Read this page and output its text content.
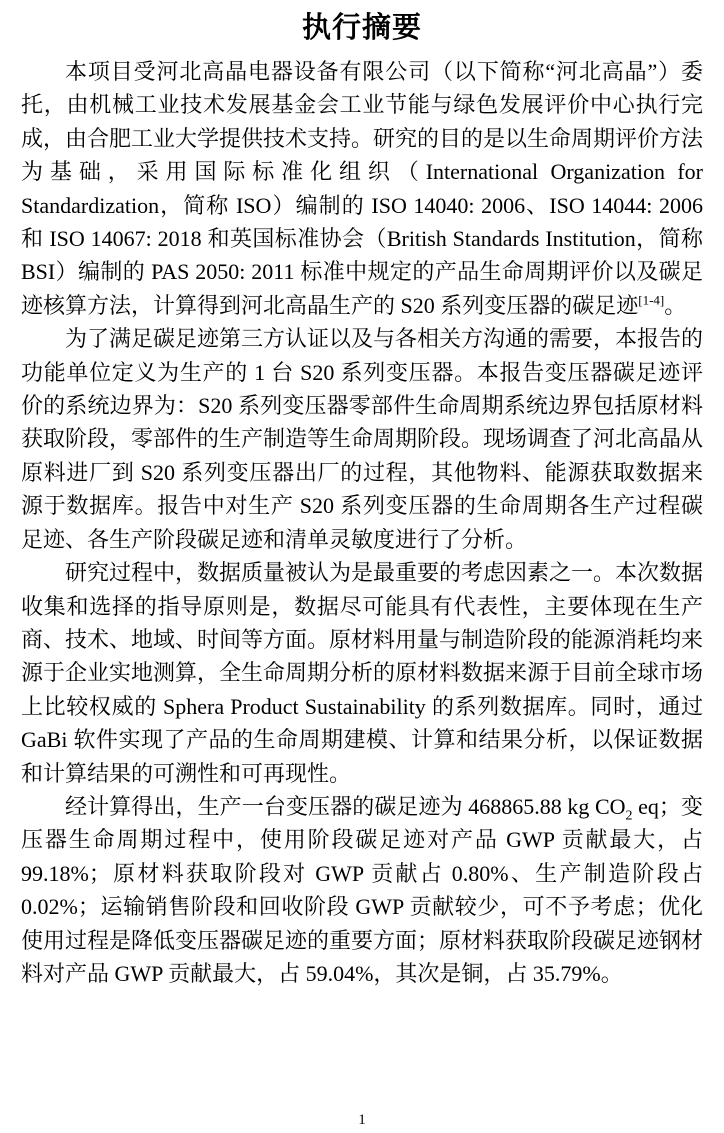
执行摘要

本项目受河北高晶电器设备有限公司（以下简称“河北高晶”）委托，由机械工业技术发展基金会工业节能与绿色发展评价中心执行完成，由合肥工业大学提供技术支持。研究的目的是以生命周期评价方法为基础，采用国际标准化组织（International Organization for Standardization，简称 ISO）编制的 ISO 14040: 2006、ISO 14044: 2006 和 ISO 14067: 2018 和英国标准协会（British Standards Institution，简称 BSI）编制的 PAS 2050: 2011 标准中规定的产品生命周期评价以及碳足迹核算方法，计算得到河北高晶生产的 S20 系列变压器的碳足迹[1-4]。

为了满足碳足迹第三方认证以及与各相关方沟通的需要，本报告的功能单位定义为生产的 1 台 S20 系列变压器。本报告变压器碳足迹评价的系统边界为：S20 系列变压器零部件生命周期系统边界包括原材料获取阶段，零部件的生产制造等生命周期阶段。现场调查了河北高晶从原料进厂到 S20 系列变压器出厂的过程，其他物料、能源获取数据来源于数据库。报告中对生产 S20 系列变压器的生命周期各生产过程碳足迹、各生产阶段碳足迹和清单灵敏度进行了分析。

研究过程中，数据质量被认为是最重要的考虑因素之一。本次数据收集和选择的指导原则是，数据尽可能具有代表性，主要体现在生产商、技术、地域、时间等方面。原材料用量与制造阶段的能源消耗均来源于企业实地测算，全生命周期分析的原材料数据来源于目前全球市场上比较权威的 Sphera Product Sustainability 的系列数据库。同时，通过 GaBi 软件实现了产品的生命周期建模、计算和结果分析，以保证数据和计算结果的可溯性和可再现性。

经计算得出，生产一台变压器的碳足迹为 468865.88 kg $CO_2$ eq；变压器生命周期过程中，使用阶段碳足迹对产品 GWP 贡献最大，占 99.18%；原材料获取阶段对 GWP 贡献占 0.80%、生产制造阶段占 0.02%；运输销售阶段和回收阶段 GWP 贡献较少，可不予考虑；优化使用过程是降低变压器碳足迹的重要方面；原材料获取阶段碳足迹钢材料对产品 GWP 贡献最大，占 59.04%，其次是铜，占 35.79%。

1
